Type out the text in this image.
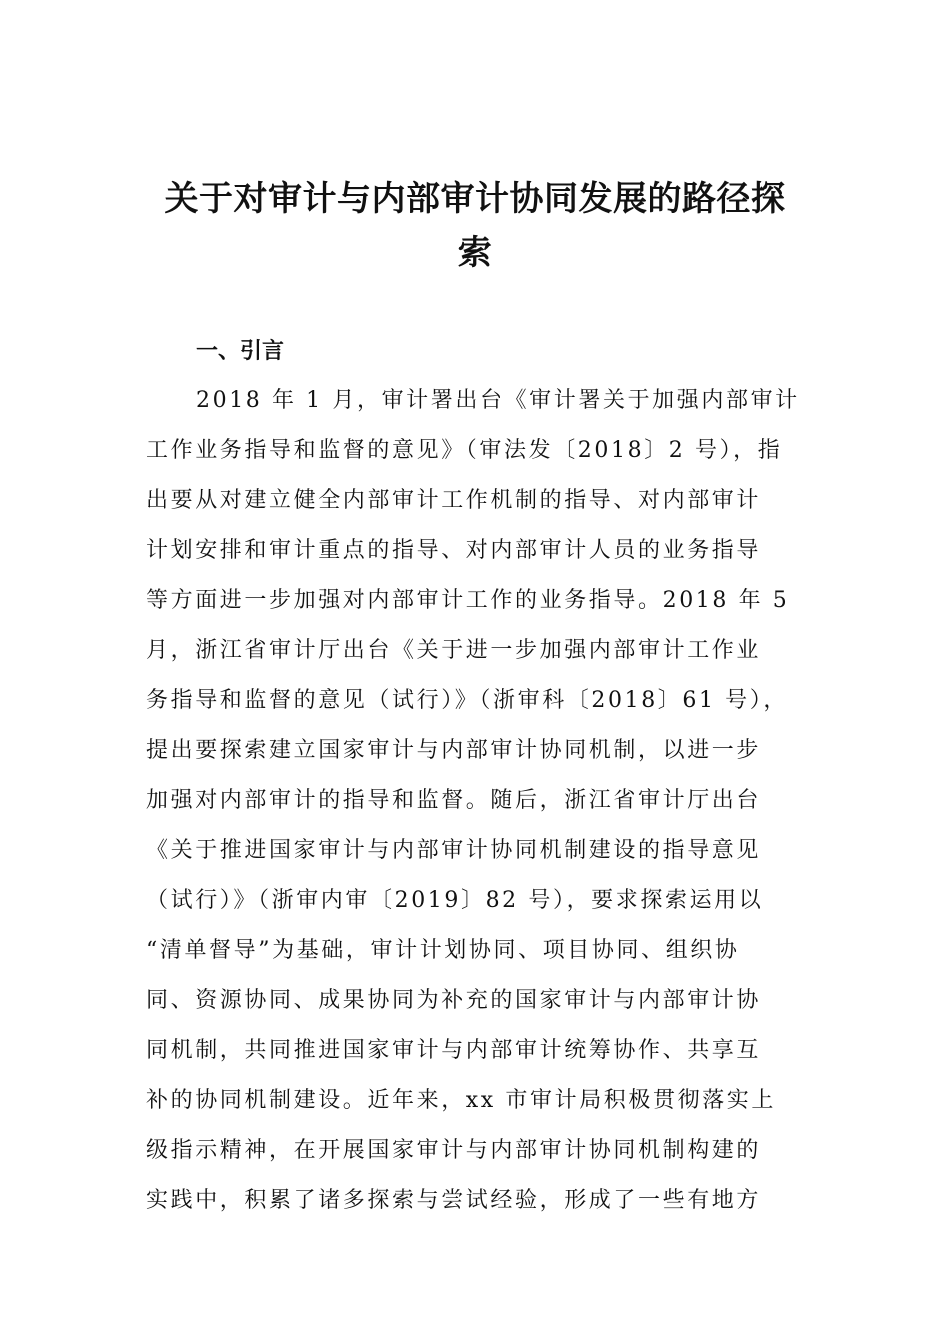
关于对审计与内部审计协同发展的路径探
索
一、引言
2018 年 1 月，审计署出台《审计署关于加强内部审计
工作业务指导和监督的意见》（审法发〔2018〕2 号），指
出要从对建立健全内部审计工作机制的指导、对内部审计
计划安排和审计重点的指导、对内部审计人员的业务指导
等方面进一步加强对内部审计工作的业务指导。2018 年 5
月，浙江省审计厅出台《关于进一步加强内部审计工作业
务指导和监督的意见（试行）》（浙审科〔2018〕61 号），
提出要探索建立国家审计与内部审计协同机制，以进一步
加强对内部审计的指导和监督。随后，浙江省审计厅出台
《关于推进国家审计与内部审计协同机制建设的指导意见
（试行）》（浙审内审〔2019〕82 号），要求探索运用以
“清单督导”为基础，审计计划协同、项目协同、组织协
同、资源协同、成果协同为补充的国家审计与内部审计协
同机制，共同推进国家审计与内部审计统筹协作、共享互
补的协同机制建设。近年来，xx 市审计局积极贯彻落实上
级指示精神，在开展国家审计与内部审计协同机制构建的
实践中，积累了诸多探索与尝试经验，形成了一些有地方
